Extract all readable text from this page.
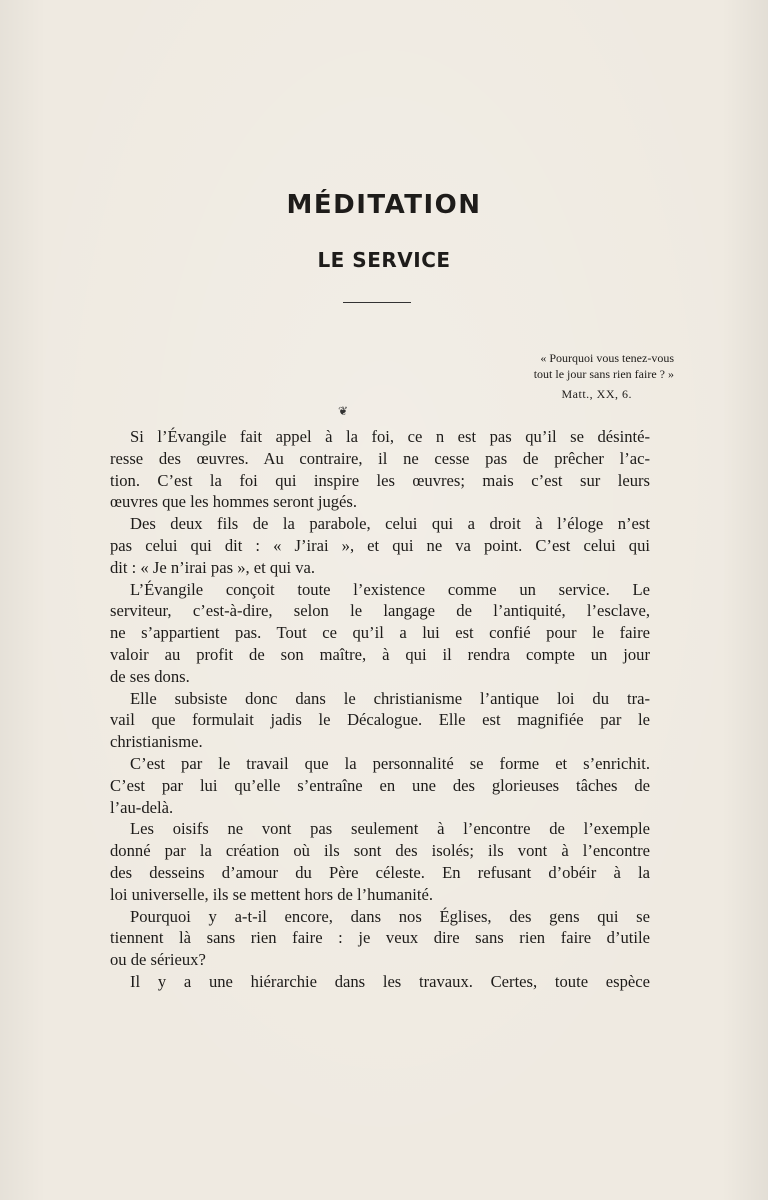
MÉDITATION
LE SERVICE
« Pourquoi vous tenez-vous
tout le jour sans rien faire ? »
Matt., XX, 6.
❦
Si l’Évangile fait appel à la foi, ce n est pas qu’il se désinté-
resse des œuvres. Au contraire, il ne cesse pas de prêcher l’ac-
tion. C’est la foi qui inspire les œuvres; mais c’est sur leurs
œuvres que les hommes seront jugés.
Des deux fils de la parabole, celui qui a droit à l’éloge n’est
pas celui qui dit : « J’irai », et qui ne va point. C’est celui qui
dit : « Je n’irai pas », et qui va.
L’Évangile conçoit toute l’existence comme un service. Le
serviteur, c’est-à-dire, selon le langage de l’antiquité, l’esclave,
ne s’appartient pas. Tout ce qu’il a lui est confié pour le faire
valoir au profit de son maître, à qui il rendra compte un jour
de ses dons.
Elle subsiste donc dans le christianisme l’antique loi du tra-
vail que formulait jadis le Décalogue. Elle est magnifiée par le
christianisme.
C’est par le travail que la personnalité se forme et s’enrichit.
C’est par lui qu’elle s’entraîne en une des glorieuses tâches de
l’au-delà.
Les oisifs ne vont pas seulement à l’encontre de l’exemple
donné par la création où ils sont des isolés; ils vont à l’encontre
des desseins d’amour du Père céleste. En refusant d’obéir à la
loi universelle, ils se mettent hors de l’humanité.
Pourquoi y a-t-il encore, dans nos Églises, des gens qui se
tiennent là sans rien faire : je veux dire sans rien faire d’utile
ou de sérieux?
Il y a une hiérarchie dans les travaux. Certes, toute espèce
